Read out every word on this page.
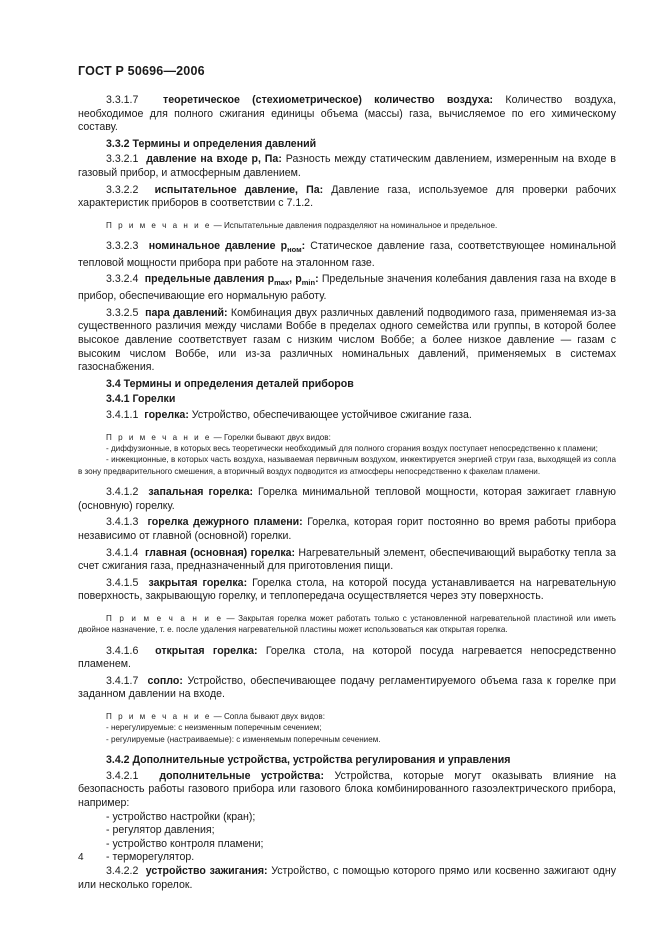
ГОСТ Р 50696—2006

3.3.1.7 теоретическое (стехиометрическое) количество воздуха: Количество воздуха, необходимое для полного сжигания единицы объема (массы) газа, вычисляемое по его химическому составу.

3.3.2 Термины и определения давлений

3.3.2.1 давление на входе p, Па: Разность между статическим давлением, измеренным на входе в газовый прибор, и атмосферным давлением.

3.3.2.2 испытательное давление, Па: Давление газа, используемое для проверки рабочих характеристик приборов в соответствии с 7.1.2.

П р и м е ч а н и е — Испытательные давления подразделяют на номинальное и предельное.

3.3.2.3 номинальное давление $p_{ном}$: Статическое давление газа, соответствующее номинальной тепловой мощности прибора при работе на эталонном газе.

3.3.2.4 предельные давления $p_{max}$, $p_{min}$: Предельные значения колебания давления газа на входе в прибор, обеспечивающие его нормальную работу.

3.3.2.5 пара давлений: Комбинация двух различных давлений подводимого газа, применяемая из-за существенного различия между числами Воббе в пределах одного семейства или группы, в которой более высокое давление соответствует газам с низким числом Воббе; а более низкое давление — газам с высоким числом Воббе, или из-за различных номинальных давлений, применяемых в системах газоснабжения.

3.4 Термины и определения деталей приборов

3.4.1 Горелки

3.4.1.1 горелка: Устройство, обеспечивающее устойчивое сжигание газа.

П р и м е ч а н и е — Горелки бывают двух видов:

- диффузионные, в которых весь теоретически необходимый для полного сгорания воздух поступает непосредственно к пламени;

- инжекционные, в которых часть воздуха, называемая первичным воздухом, инжектируется энергией струи газа, выходящей из сопла в зону предварительного смешения, а вторичный воздух подводится из атмосферы непосредственно к факелам пламени.

3.4.1.2 запальная горелка: Горелка минимальной тепловой мощности, которая зажигает главную (основную) горелку.

3.4.1.3 горелка дежурного пламени: Горелка, которая горит постоянно во время работы прибора независимо от главной (основной) горелки.

3.4.1.4 главная (основная) горелка: Нагревательный элемент, обеспечивающий выработку тепла за счет сжигания газа, предназначенный для приготовления пищи.

3.4.1.5 закрытая горелка: Горелка стола, на которой посуда устанавливается на нагревательную поверхность, закрывающую горелку, и теплопередача осуществляется через эту поверхность.

П р и м е ч а н и е — Закрытая горелка может работать только с установленной нагревательной пластиной или иметь двойное назначение, т. е. после удаления нагревательной пластины может использоваться как открытая горелка.

3.4.1.6 открытая горелка: Горелка стола, на которой посуда нагревается непосредственно пламенем.

3.4.1.7 сопло: Устройство, обеспечивающее подачу регламентируемого объема газа к горелке при заданном давлении на входе.

П р и м е ч а н и е — Сопла бывают двух видов:

- нерегулируемые: с неизменным поперечным сечением;

- регулируемые (настраиваемые): с изменяемым поперечным сечением.

3.4.2 Дополнительные устройства, устройства регулирования и управления

3.4.2.1 дополнительные устройства: Устройства, которые могут оказывать влияние на безопасность работы газового прибора или газового блока комбинированного газоэлектрического прибора, например:

- устройство настройки (кран);

- регулятор давления;

- устройство контроля пламени;

- терморегулятор.

3.4.2.2 устройство зажигания: Устройство, с помощью которого прямо или косвенно зажигают одну или несколько горелок.

4
